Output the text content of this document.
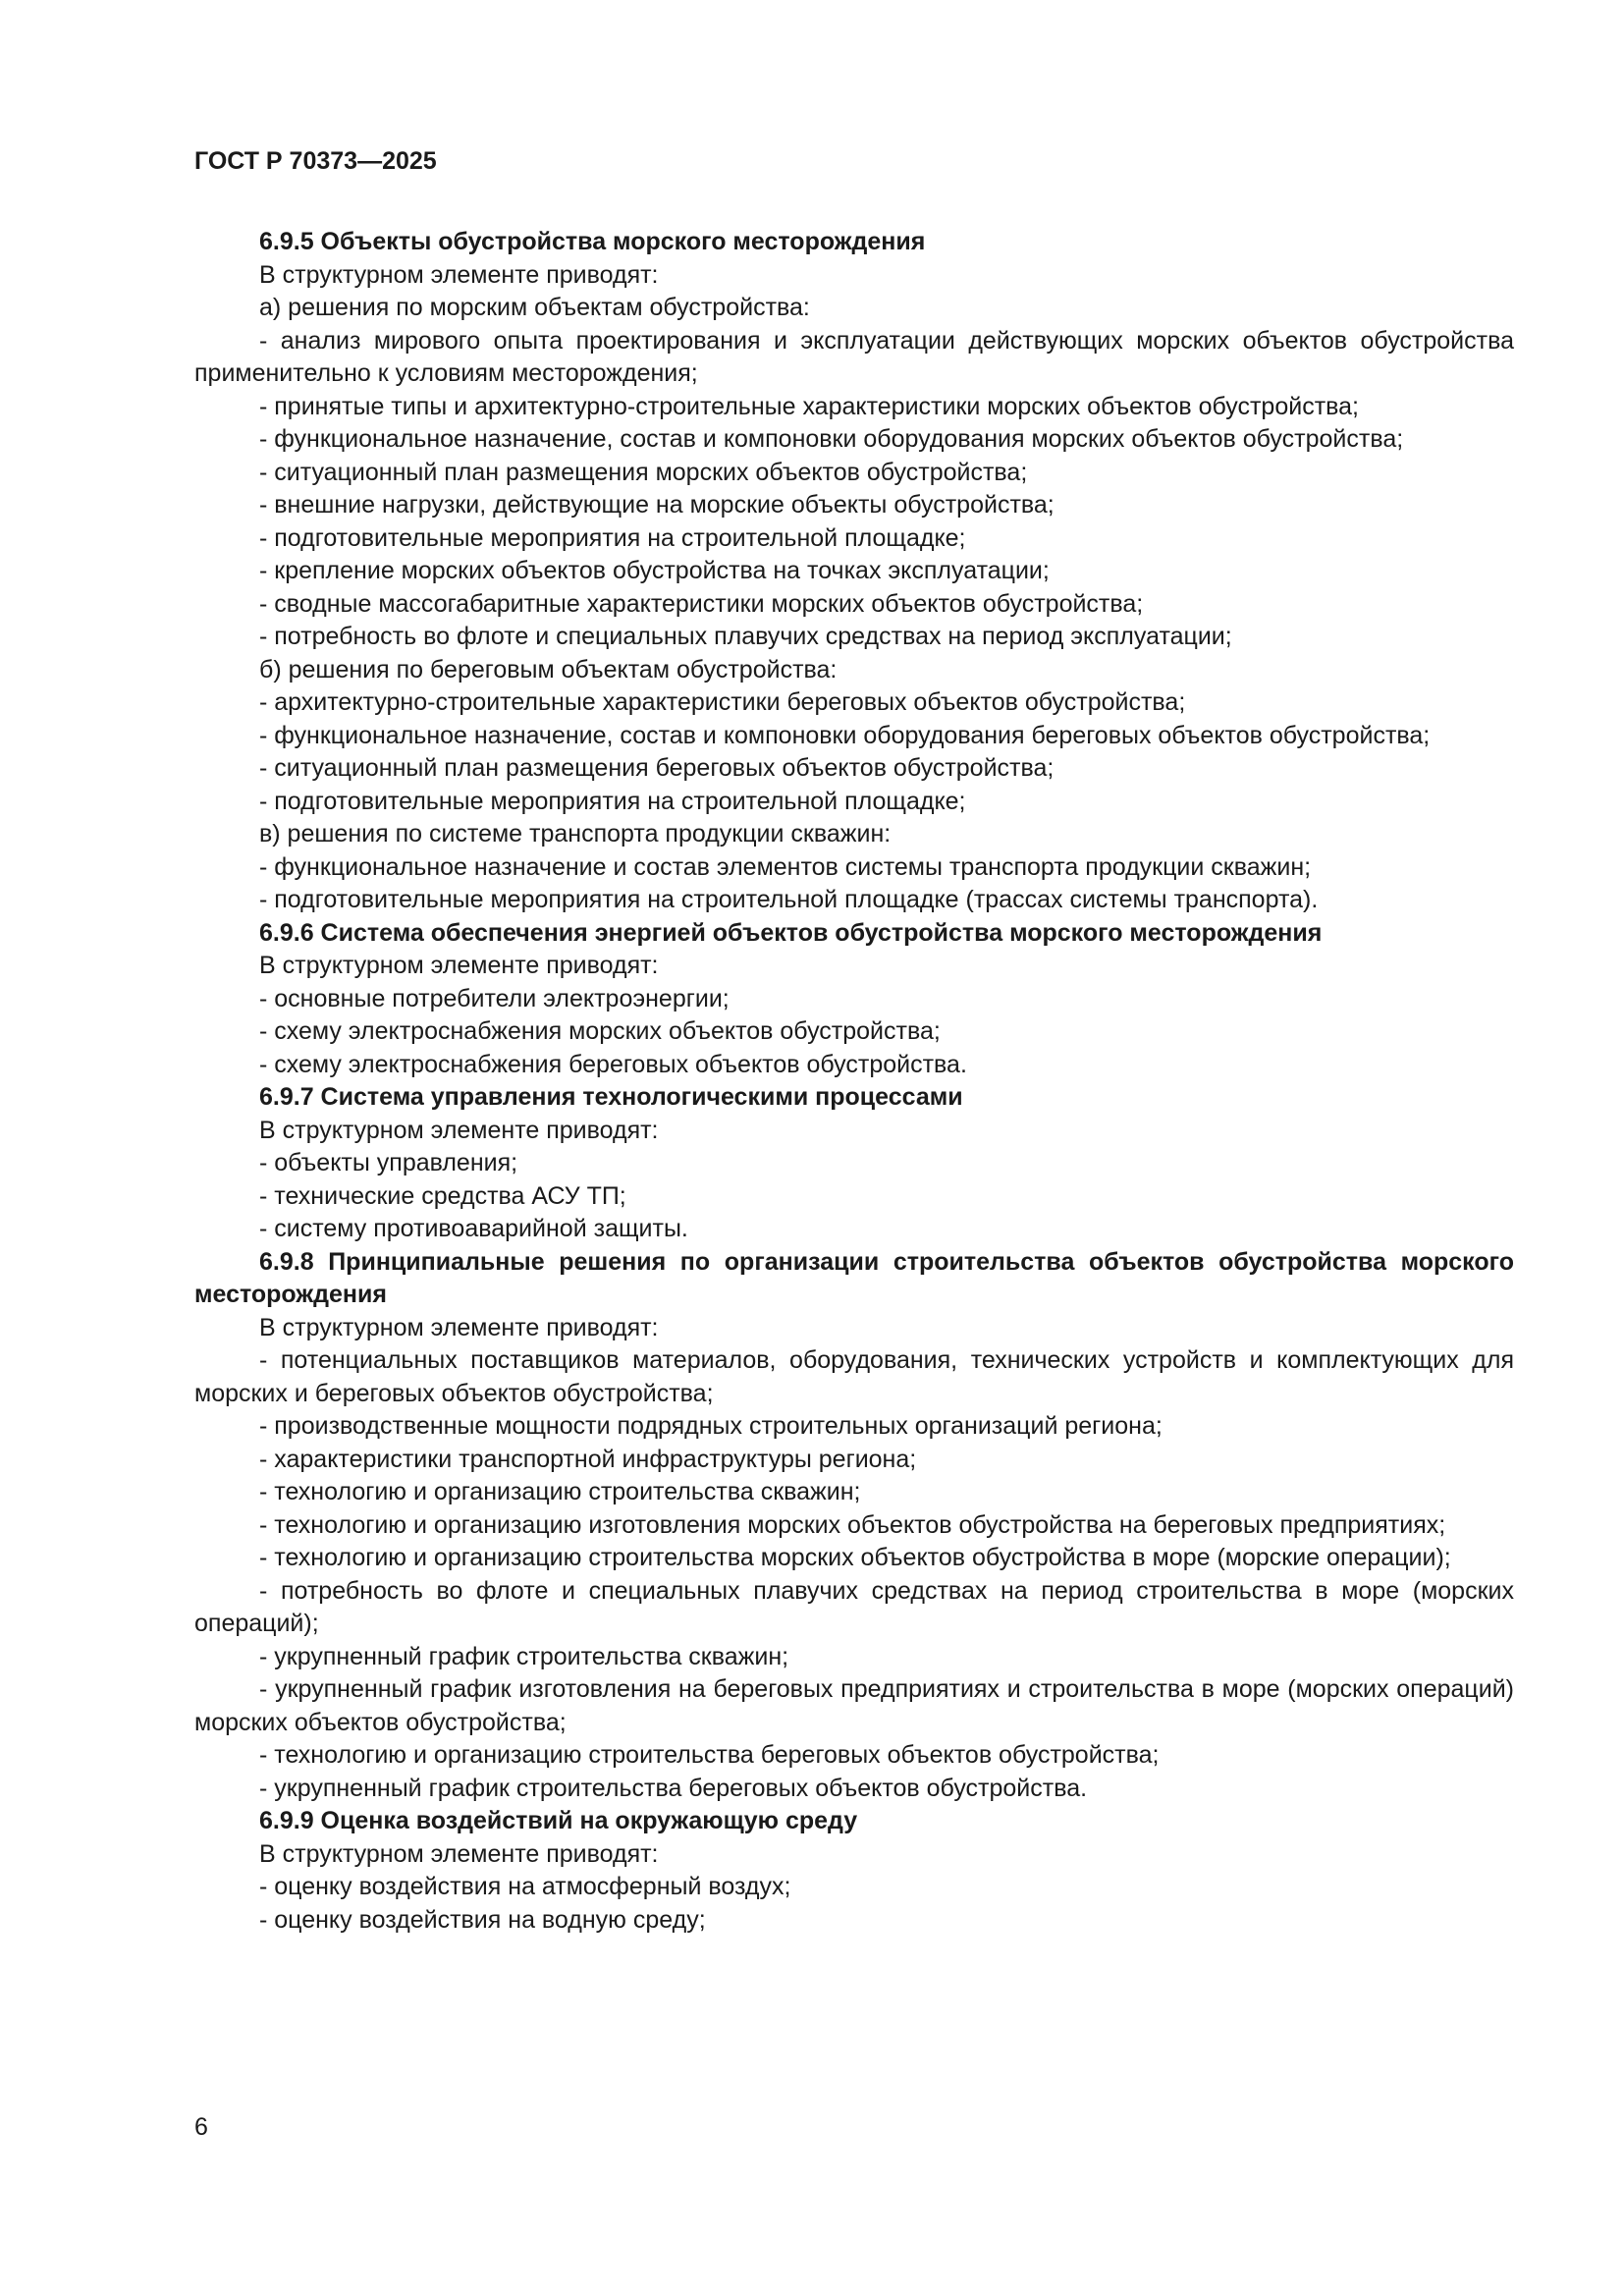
ГОСТ Р 70373—2025

6.9.5 Объекты обустройства морского месторождения

В структурном элементе приводят:

а) решения по морским объектам обустройства:

- анализ мирового опыта проектирования и эксплуатации действующих морских объектов обустройства применительно к условиям месторождения;

- принятые типы и архитектурно-строительные характеристики морских объектов обустройства;

- функциональное назначение, состав и компоновки оборудования морских объектов обустройства;

- ситуационный план размещения морских объектов обустройства;

- внешние нагрузки, действующие на морские объекты обустройства;

- подготовительные мероприятия на строительной площадке;

- крепление морских объектов обустройства на точках эксплуатации;

- сводные массогабаритные характеристики морских объектов обустройства;

- потребность во флоте и специальных плавучих средствах на период эксплуатации;

б) решения по береговым объектам обустройства:

- архитектурно-строительные характеристики береговых объектов обустройства;

- функциональное назначение, состав и компоновки оборудования береговых объектов обустройства;

- ситуационный план размещения береговых объектов обустройства;

- подготовительные мероприятия на строительной площадке;

в) решения по системе транспорта продукции скважин:

- функциональное назначение и состав элементов системы транспорта продукции скважин;

- подготовительные мероприятия на строительной площадке (трассах системы транспорта).

6.9.6 Система обеспечения энергией объектов обустройства морского месторождения

В структурном элементе приводят:

- основные потребители электроэнергии;

- схему электроснабжения морских объектов обустройства;

- схему электроснабжения береговых объектов обустройства.

6.9.7 Система управления технологическими процессами

В структурном элементе приводят:

- объекты управления;

- технические средства АСУ ТП;

- систему противоаварийной защиты.

6.9.8 Принципиальные решения по организации строительства объектов обустройства морского месторождения

В структурном элементе приводят:

- потенциальных поставщиков материалов, оборудования, технических устройств и комплектующих для морских и береговых объектов обустройства;

- производственные мощности подрядных строительных организаций региона;

- характеристики транспортной инфраструктуры региона;

- технологию и организацию строительства скважин;

- технологию и организацию изготовления морских объектов обустройства на береговых предприятиях;

- технологию и организацию строительства морских объектов обустройства в море (морские операции);

- потребность во флоте и специальных плавучих средствах на период строительства в море (морских операций);

- укрупненный график строительства скважин;

- укрупненный график изготовления на береговых предприятиях и строительства в море (морских операций) морских объектов обустройства;

- технологию и организацию строительства береговых объектов обустройства;

- укрупненный график строительства береговых объектов обустройства.

6.9.9 Оценка воздействий на окружающую среду

В структурном элементе приводят:

- оценку воздействия на атмосферный воздух;

- оценку воздействия на водную среду;

6
